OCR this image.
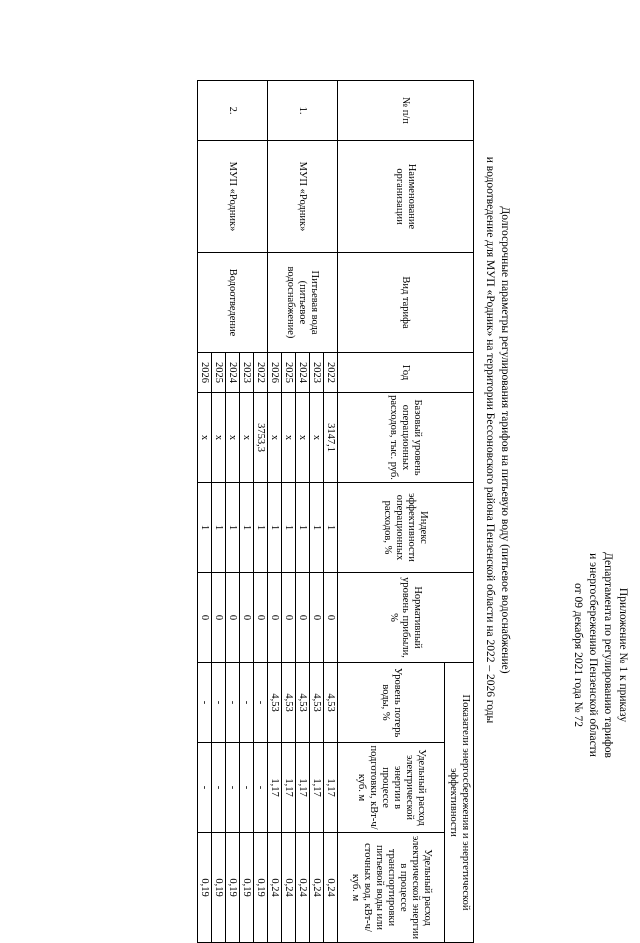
Приложение № 1 к приказу
Департамента по регулированию тарифов
и энергосбережению Пензенской области
от 09 декабря 2021 года № 72
Долгосрочные параметры регулирования тарифов на питьевую воду (питьевое водоснабжение)
и водоотведение для МУП «Родник» на территории Бессоновского района Пензенской области на 2022 – 2026 годы
№ п/п	Наименование организации	Вид тарифа	Год	Базовый уровень операционных расходов, тыс. руб.	Индекс эффективности операционных расходов, %	Нормативный уровень прибыли, %	Показатели энергосбережения и энергетической эффективности		
							Уровень потерь воды, %	Удельный расход электрической энергии в процессе подготовки, кВт-ч/куб. м	Удельный расход электрической энергии в процессе транспортировки питьевой воды или сточных вод, кВт-ч/куб. м
1.	МУП «Родник»	Питьевая вода (питьевое водоснабжение)	2022	3147,1	1	0	4,53	1,17	0,24
			2023	х	1	0	4,53	1,17	0,24
			2024	х	1	0	4,53	1,17	0,24
			2025	х	1	0	4,53	1,17	0,24
			2026	х	1	0	4,53	1,17	0,24
2.	МУП «Родник»	Водоотведение	2022	3753,3	1	0	-	-	0,19
			2023	х	1	0	-	-	0,19
			2024	х	1	0	-	-	0,19
			2025	х	1	0	-	-	0,19
			2026	х	1	0	-	-	0,19
